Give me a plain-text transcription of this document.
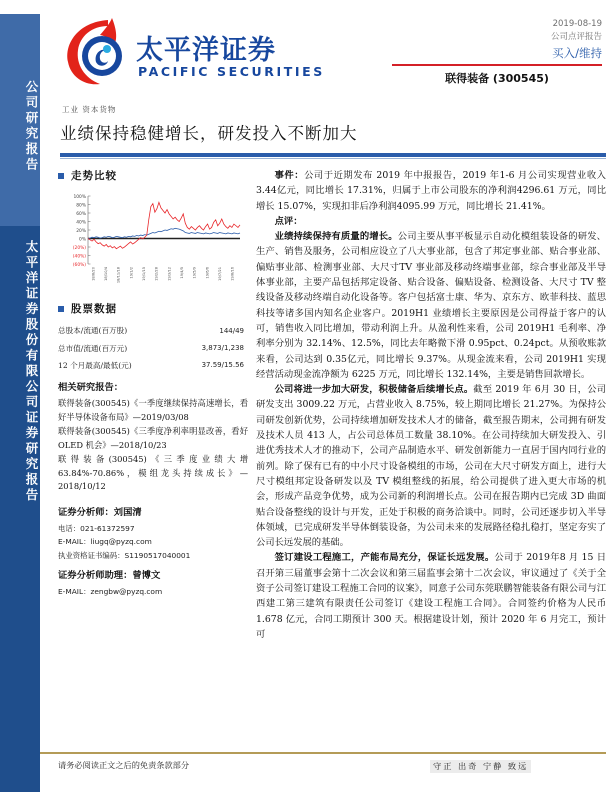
公司研究报告
太平洋证券股份有限公司证券研究报告
太平洋证券
PACIFIC SECURITIES
2019-08-19
公司点评报告
买入/维持
联得装备 (300545)
工业 资本货物
业绩保持稳健增长，研发投入不断加大
走势比较
100%
80%
60%
40%
20%
0%
(20%)
(40%)
(60%)
18/8/20 18/10/4 18/11/18 19/1/2 19/1/15 19/2/28 19/3/12 19/4/5 19/5/9 19/6/6 19/7/21 19/8/16
股票数据
总股本/流通(百万股)	144/49
总市值/流通(百万元)	3,873/1,238
12 个月最高/最低(元)	37.59/15.56
相关研究报告：
联得装备(300545)《一季度继续保持高速增长，看好半导体设备布局》—2019/03/08
联得装备(300545)《三季度净利率明显改善，看好 OLED 机会》—2018/10/23
联得装备(300545)《三季度业绩大增63.84%-70.86%，模组龙头持续成长》—2018/10/12
证券分析师：刘国清
电话：021-61372597
E-MAIL：liugq@pyzq.com
执业资格证书编码：S1190517040001
证券分析师助理：曾博文
E-MAIL：zengbw@pyzq.com
事件：公司于近期发布 2019 年中报报告，2019 年1-6 月公司实现营业收入3.44亿元，同比增长 17.31%，归属于上市公司股东的净利润4296.61 万元，同比增长 15.07%，实现扣非后净利润4095.99 万元，同比增长 21.41%。
点评：
业绩持续保持有质量的增长。公司主要从事平板显示自动化模组装设备的研发、生产、销售及服务，公司相应设立了八大事业部，包含了邦定事业部、贴合事业部、偏贴事业部、检测事业部、大尺寸TV 事业部及移动终端事业部，综合事业部及半导体事业部，主要产品包括邦定设备、贴合设备、偏贴设备、检测设备、大尺寸 TV 整线设备及移动终端自动化设备等。客户包括富士康、华为、京东方、欧菲科技、蓝思科技等诸多国内知名企业客户。2019H1 业绩增长主要原因是公司得益于客户的认可，销售收入同比增加，带动利润上升。从盈利性来看，公司 2019H1 毛利率、净利率分别为 32.14%、12.5%，同比去年略微下滑 0.95pct、0.24pct。从预收账款来看，公司达到 0.35亿元，同比增长 9.37%。从现金流来看，公司 2019H1 实现经营活动现金流净额为 6225 万元，同比增长 132.14%，主要是销售回款增长。
公司将进一步加大研发，积极储备后续增长点。截至 2019 年 6月 30 日，公司研发支出 3009.22 万元，占营业收入 8.75%，较上期同比增长 21.27%。为保持公司研发创新优势，公司持续增加研发技术人才的储备，截至报告期末，公司拥有研发及技术人员 413 人，占公司总体员工数量 38.10%。在公司持续加大研发投入、引进优秀技术人才的推动下，公司产品制造水平、研发创新能力一直居于国内同行业的前列。除了保有已有的中小尺寸设备模组的市场，公司在大尺寸研发方面上，进行大尺寸模组邦定设备研发以及 TV 模组整线的拓展，给公司提供了进入更大市场的机会，形成产品竞争优势，成为公司新的利润增长点。公司在报告期内已完成 3D 曲面贴合设备整线的设计与开发，正处于积极的商务洽谈中。同时，公司还逐步切入半导体领域，已完成研发半导体倒装设备，为公司未来的发展路径稳扎稳打，坚定夯实了公司长远发展的基础。
签订建设工程施工，产能布局充分，保证长远发展。公司于 2019年8 月 15 日召开第三届董事会第十二次会议和第三届监事会第十二次会议，审议通过了《关于全资子公司签订建设工程施工合同的议案》，同意子公司东莞联鹏智能装备有限公司与江西建工第三建筑有限责任公司签订《建设工程施工合同》。合同签约价格为人民币 1.678 亿元，合同工期预计 300 天。根据建设计划，预计 2020 年 6 月完工，预计可
请务必阅读正文之后的免责条款部分	守正 出奇 宁静 致远
